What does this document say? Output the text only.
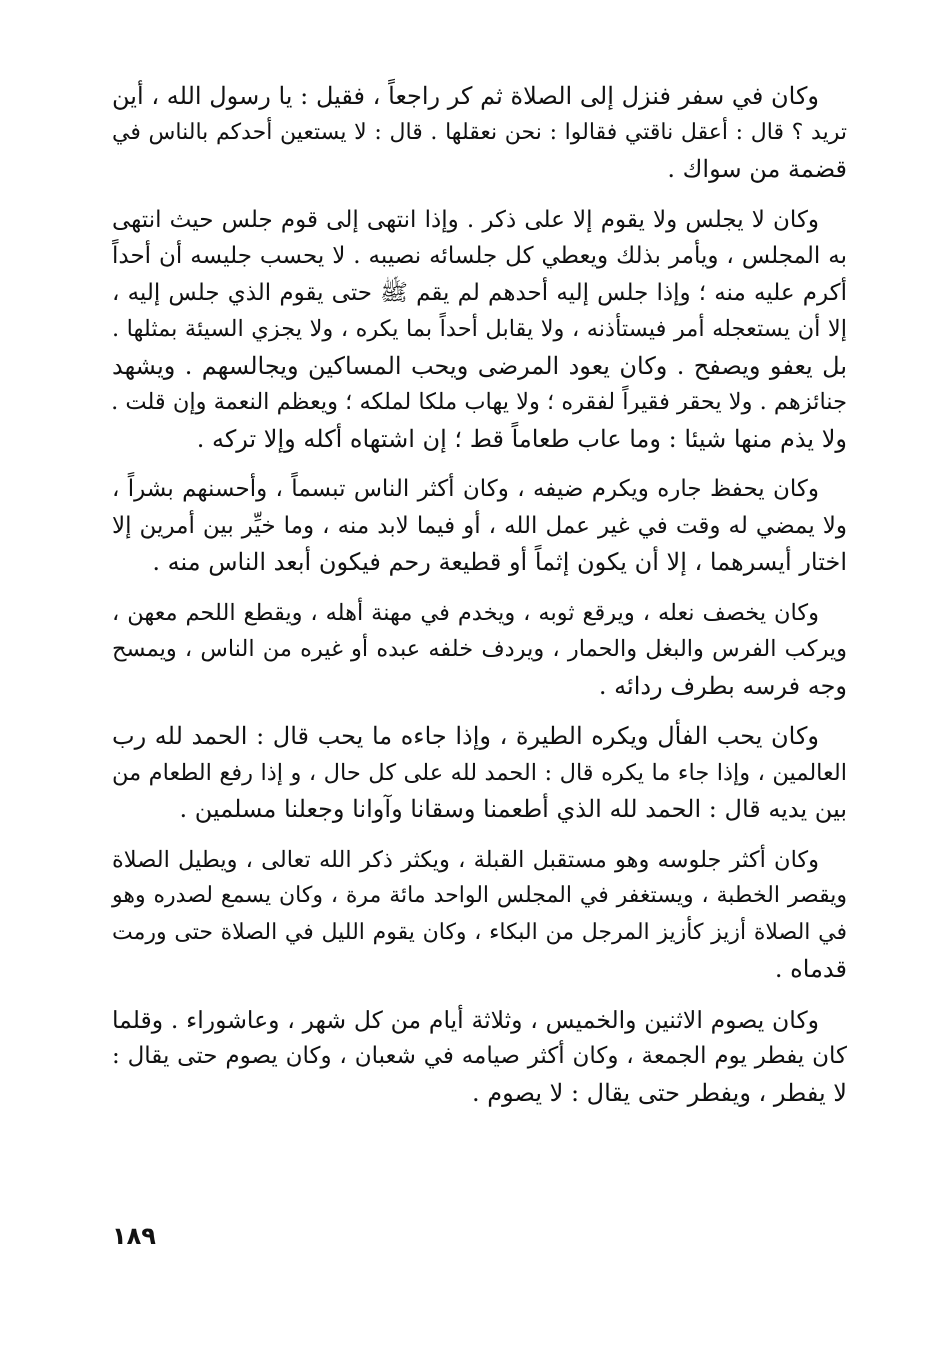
وكان في سفر فنزل إلى الصلاة ثم كر راجعاً ، فقيل : يا رسول الله ، أين
تريد ؟ قال : أعقل ناقتي فقالوا : نحن نعقلها . قال : لا يستعين أحدكم بالناس في
قضمة من سواك .

وكان لا يجلس ولا يقوم إلا على ذكر . وإذا انتهى إلى قوم جلس حيث انتهى
به المجلس ، ويأمر بذلك ويعطي كل جلسائه نصيبه . لا يحسب جليسه أن أحداً
أكرم عليه منه ؛ وإذا جلس إليه أحدهم لم يقم ﷺ حتى يقوم الذي جلس إليه ،
إلا أن يستعجله أمر فيستأذنه ، ولا يقابل أحداً بما يكره ، ولا يجزي السيئة بمثلها .
بل يعفو ويصفح . وكان يعود المرضى ويحب المساكين ويجالسهم . ويشهد
جنائزهم . ولا يحقر فقيراً لفقره ؛ ولا يهاب ملكا لملكه ؛ ويعظم النعمة وإن قلت .
ولا يذم منها شيئا : وما عاب طعاماً قط ؛ إن اشتهاه أكله وإلا تركه .

وكان يحفظ جاره ويكرم ضيفه ، وكان أكثر الناس تبسماً ، وأحسنهم بشراً ،
ولا يمضي له وقت في غير عمل الله ، أو فيما لابد منه ، وما خيِّر بين أمرين إلا
اختار أيسرهما ، إلا أن يكون إثماً أو قطيعة رحم فيكون أبعد الناس منه .

وكان يخصف نعله ، ويرقع ثوبه ، ويخدم في مهنة أهله ، ويقطع اللحم معهن ،
ويركب الفرس والبغل والحمار ، ويردف خلفه عبده أو غيره من الناس ، ويمسح
وجه فرسه بطرف ردائه .

وكان يحب الفأل ويكره الطيرة ، وإذا جاءه ما يحب قال : الحمد لله رب
العالمين ، وإذا جاء ما يكره قال : الحمد لله على كل حال ، و إذا رفع الطعام من
بين يديه قال : الحمد لله الذي أطعمنا وسقانا وآوانا وجعلنا مسلمين .

وكان أكثر جلوسه وهو مستقبل القبلة ، ويكثر ذكر الله تعالى ، ويطيل الصلاة
ويقصر الخطبة ، ويستغفر في المجلس الواحد مائة مرة ، وكان يسمع لصدره وهو
في الصلاة أزيز كأزيز المرجل من البكاء ، وكان يقوم الليل في الصلاة حتى ورمت
قدماه .

وكان يصوم الاثنين والخميس ، وثلاثة أيام من كل شهر ، وعاشوراء . وقلما
كان يفطر يوم الجمعة ، وكان أكثر صيامه في شعبان ، وكان يصوم حتى يقال :
لا يفطر ، ويفطر حتى يقال : لا يصوم .

١٨٩
